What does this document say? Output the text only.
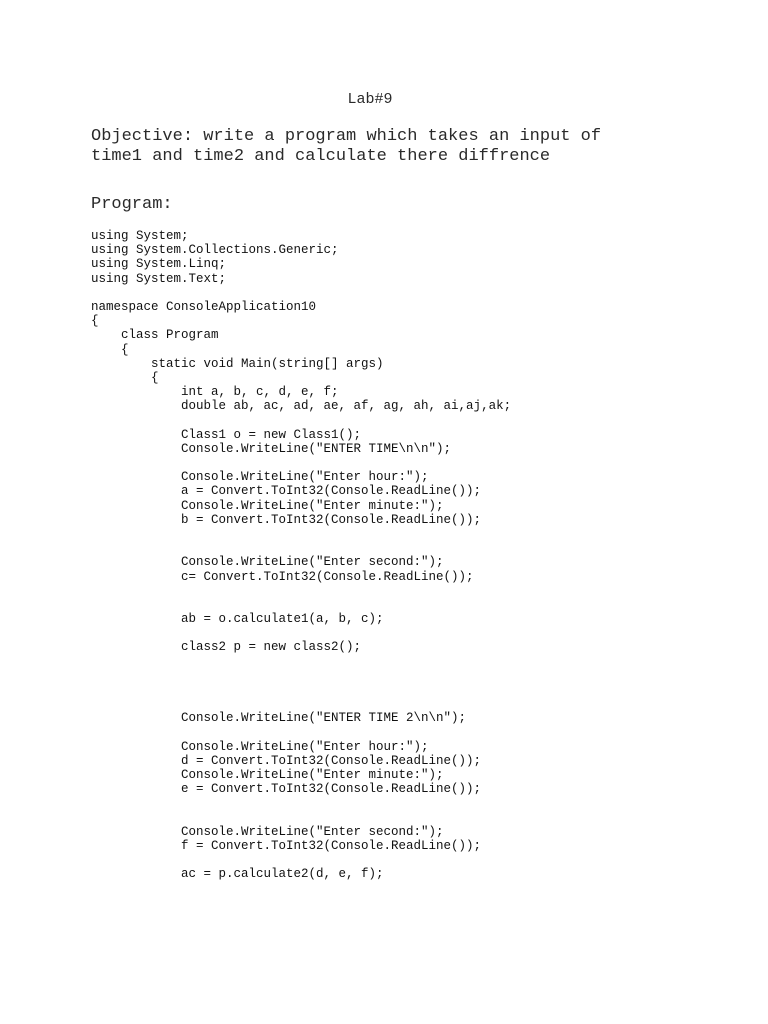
Lab#9
Objective: write a program which takes an input of
time1 and time2 and calculate there diffrence
Program:
using System;
using System.Collections.Generic;
using System.Linq;
using System.Text;
namespace ConsoleApplication10
{
class Program
{
static void Main(string[] args)
{
int a, b, c, d, e, f;
double ab, ac, ad, ae, af, ag, ah, ai,aj,ak;
Class1 o = new Class1();
Console.WriteLine("ENTER TIME\n\n");
Console.WriteLine("Enter hour:");
a = Convert.ToInt32(Console.ReadLine());
Console.WriteLine("Enter minute:");
b = Convert.ToInt32(Console.ReadLine());
Console.WriteLine("Enter second:");
c= Convert.ToInt32(Console.ReadLine());
ab = o.calculate1(a, b, c);
class2 p = new class2();
Console.WriteLine("ENTER TIME 2\n\n");
Console.WriteLine("Enter hour:");
d = Convert.ToInt32(Console.ReadLine());
Console.WriteLine("Enter minute:");
e = Convert.ToInt32(Console.ReadLine());
Console.WriteLine("Enter second:");
f = Convert.ToInt32(Console.ReadLine());
ac = p.calculate2(d, e, f);
